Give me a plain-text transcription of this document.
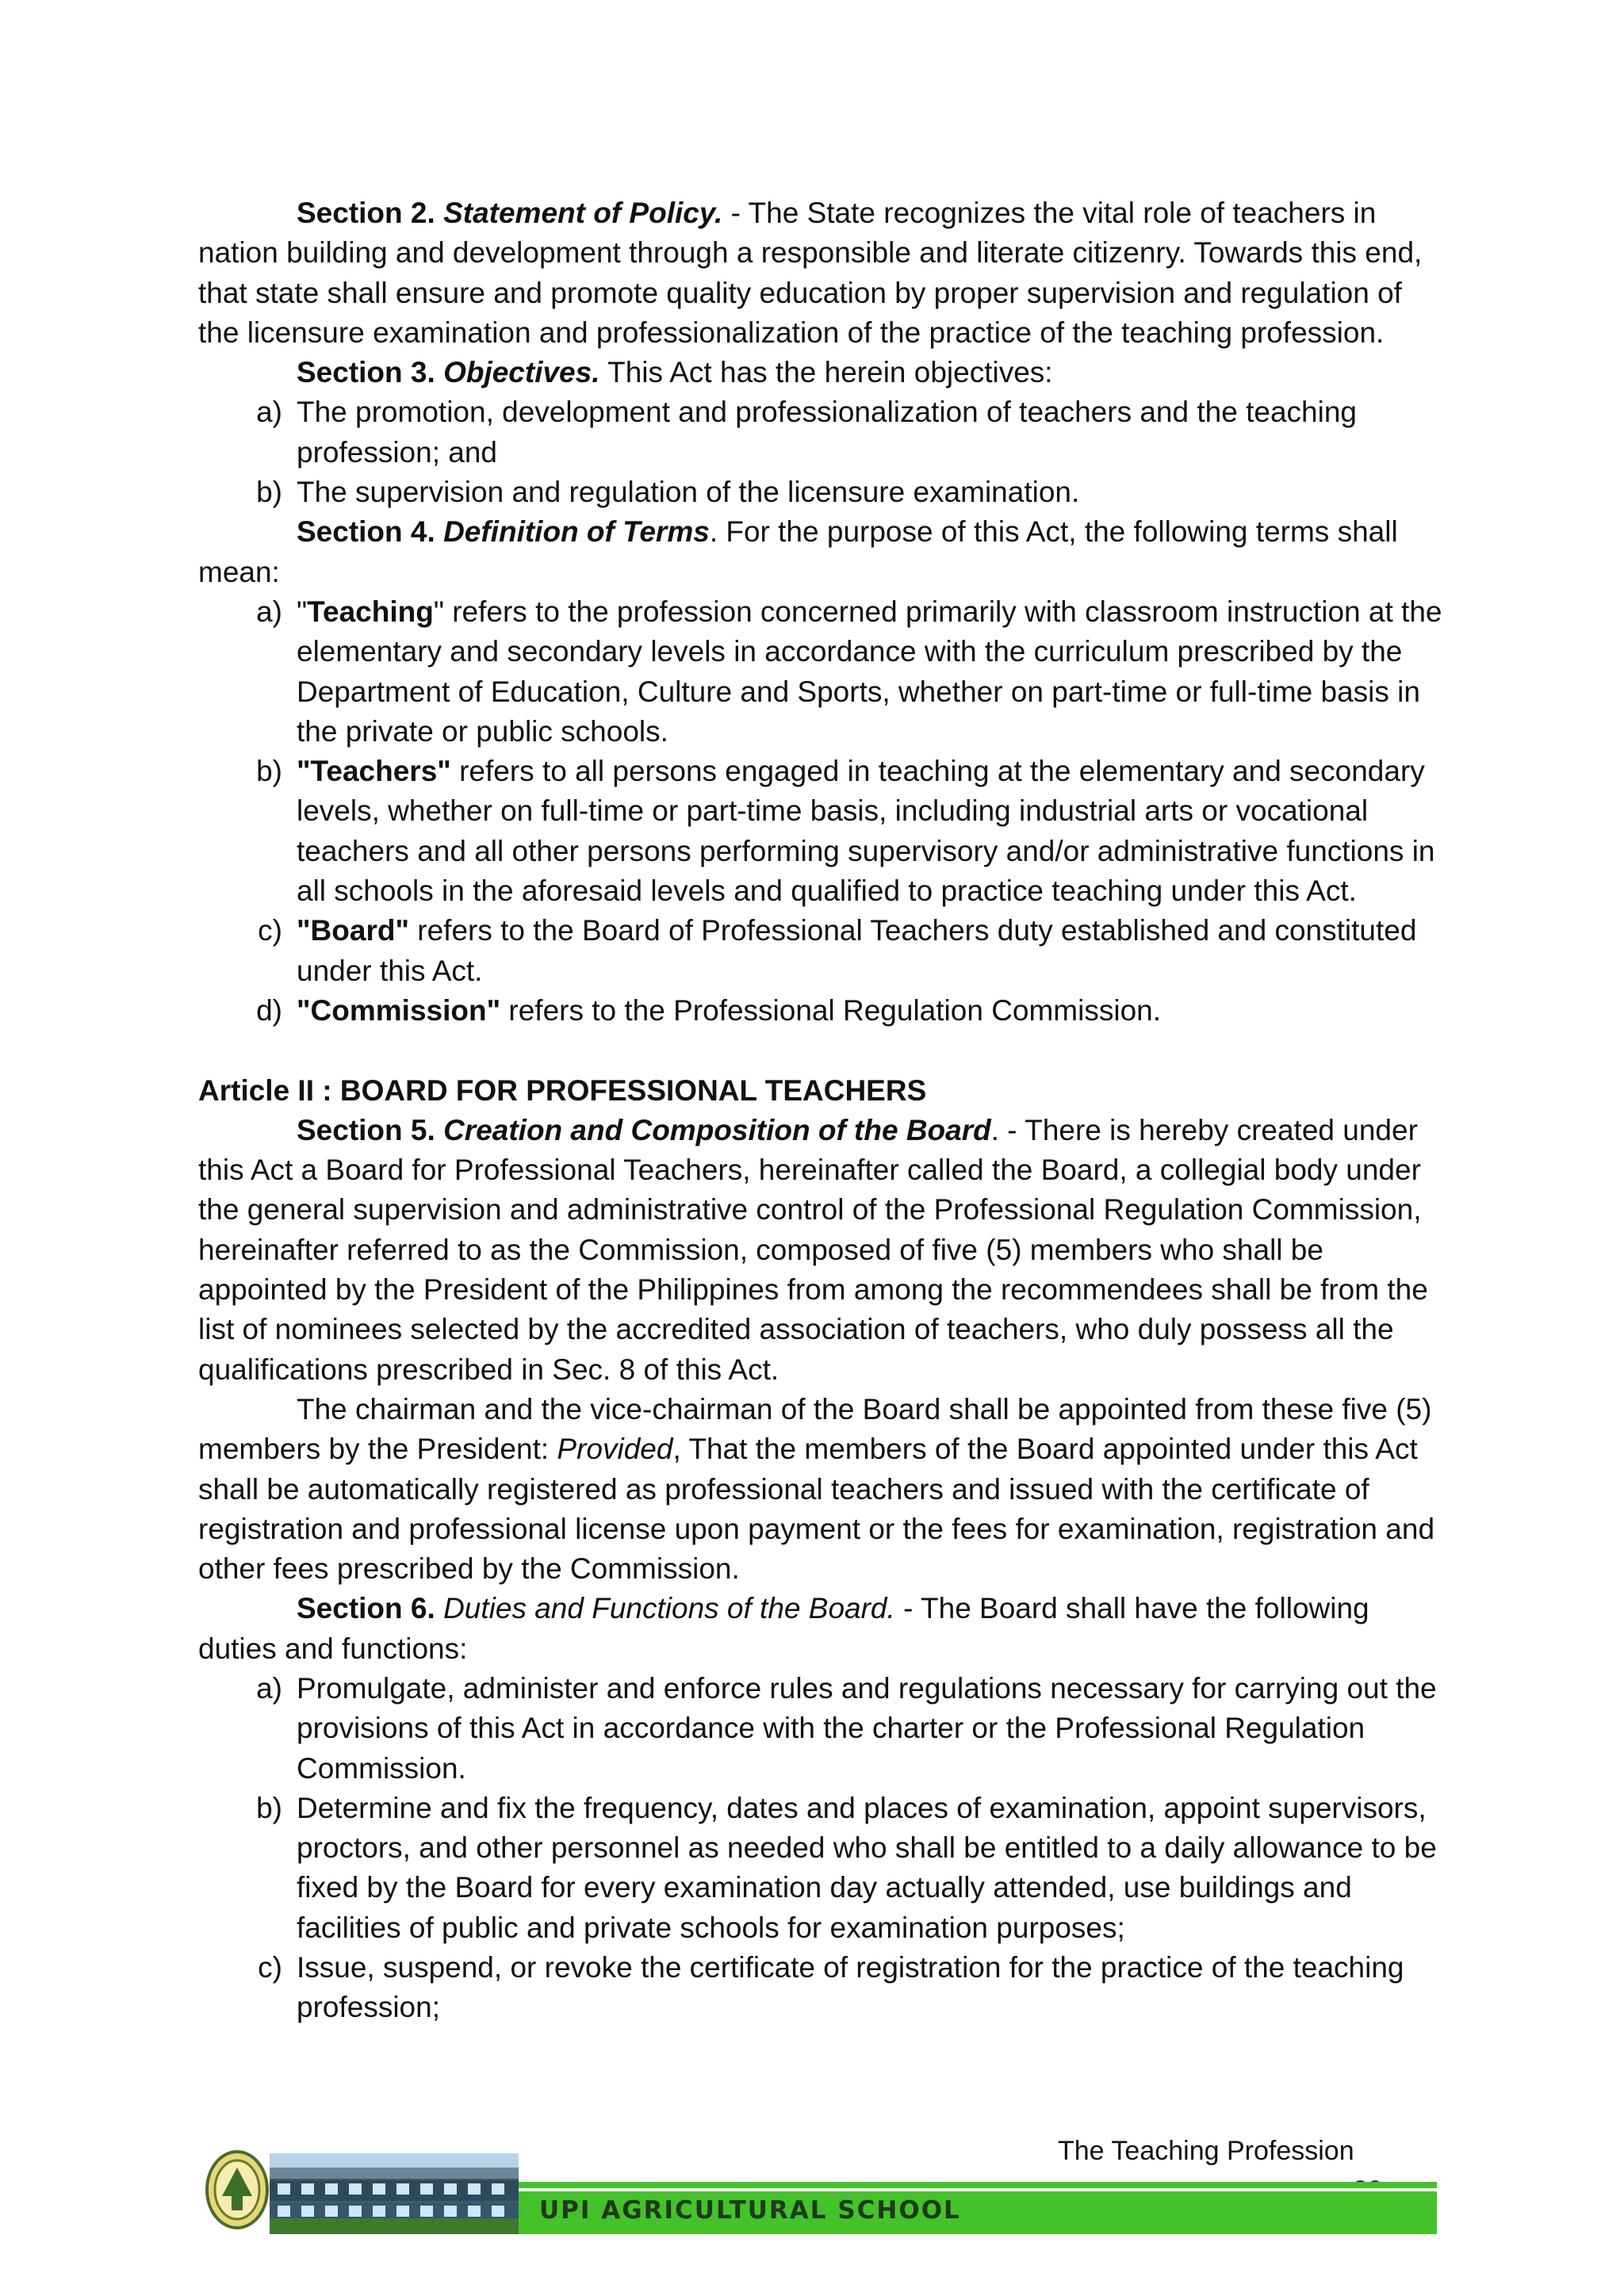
Section 2. Statement of Policy. - The State recognizes the vital role of teachers in nation building and development through a responsible and literate citizenry. Towards this end, that state shall ensure and promote quality education by proper supervision and regulation of the licensure examination and professionalization of the practice of the teaching profession.

Section 3. Objectives. This Act has the herein objectives:

a) The promotion, development and professionalization of teachers and the teaching profession; and
b) The supervision and regulation of the licensure examination.

Section 4. Definition of Terms. For the purpose of this Act, the following terms shall mean:

a) "Teaching" refers to the profession concerned primarily with classroom instruction at the elementary and secondary levels in accordance with the curriculum prescribed by the Department of Education, Culture and Sports, whether on part-time or full-time basis in the private or public schools.
b) "Teachers" refers to all persons engaged in teaching at the elementary and secondary levels, whether on full-time or part-time basis, including industrial arts or vocational teachers and all other persons performing supervisory and/or administrative functions in all schools in the aforesaid levels and qualified to practice teaching under this Act.
c) "Board" refers to the Board of Professional Teachers duty established and constituted under this Act.
d) "Commission" refers to the Professional Regulation Commission.

Article II : BOARD FOR PROFESSIONAL TEACHERS

Section 5. Creation and Composition of the Board. - There is hereby created under this Act a Board for Professional Teachers, hereinafter called the Board, a collegial body under the general supervision and administrative control of the Professional Regulation Commission, hereinafter referred to as the Commission, composed of five (5) members who shall be appointed by the President of the Philippines from among the recommendees shall be from the list of nominees selected by the accredited association of teachers, who duly possess all the qualifications prescribed in Sec. 8 of this Act.

The chairman and the vice-chairman of the Board shall be appointed from these five (5) members by the President: Provided, That the members of the Board appointed under this Act shall be automatically registered as professional teachers and issued with the certificate of registration and professional license upon payment or the fees for examination, registration and other fees prescribed by the Commission.

Section 6. Duties and Functions of the Board. - The Board shall have the following duties and functions:

a) Promulgate, administer and enforce rules and regulations necessary for carrying out the provisions of this Act in accordance with the charter or the Professional Regulation Commission.
b) Determine and fix the frequency, dates and places of examination, appoint supervisors, proctors, and other personnel as needed who shall be entitled to a daily allowance to be fixed by the Board for every examination day actually attended, use buildings and facilities of public and private schools for examination purposes;
c) Issue, suspend, or revoke the certificate of registration for the practice of the teaching profession;
The Teaching Profession
UPI AGRICULTURAL SCHOOL
